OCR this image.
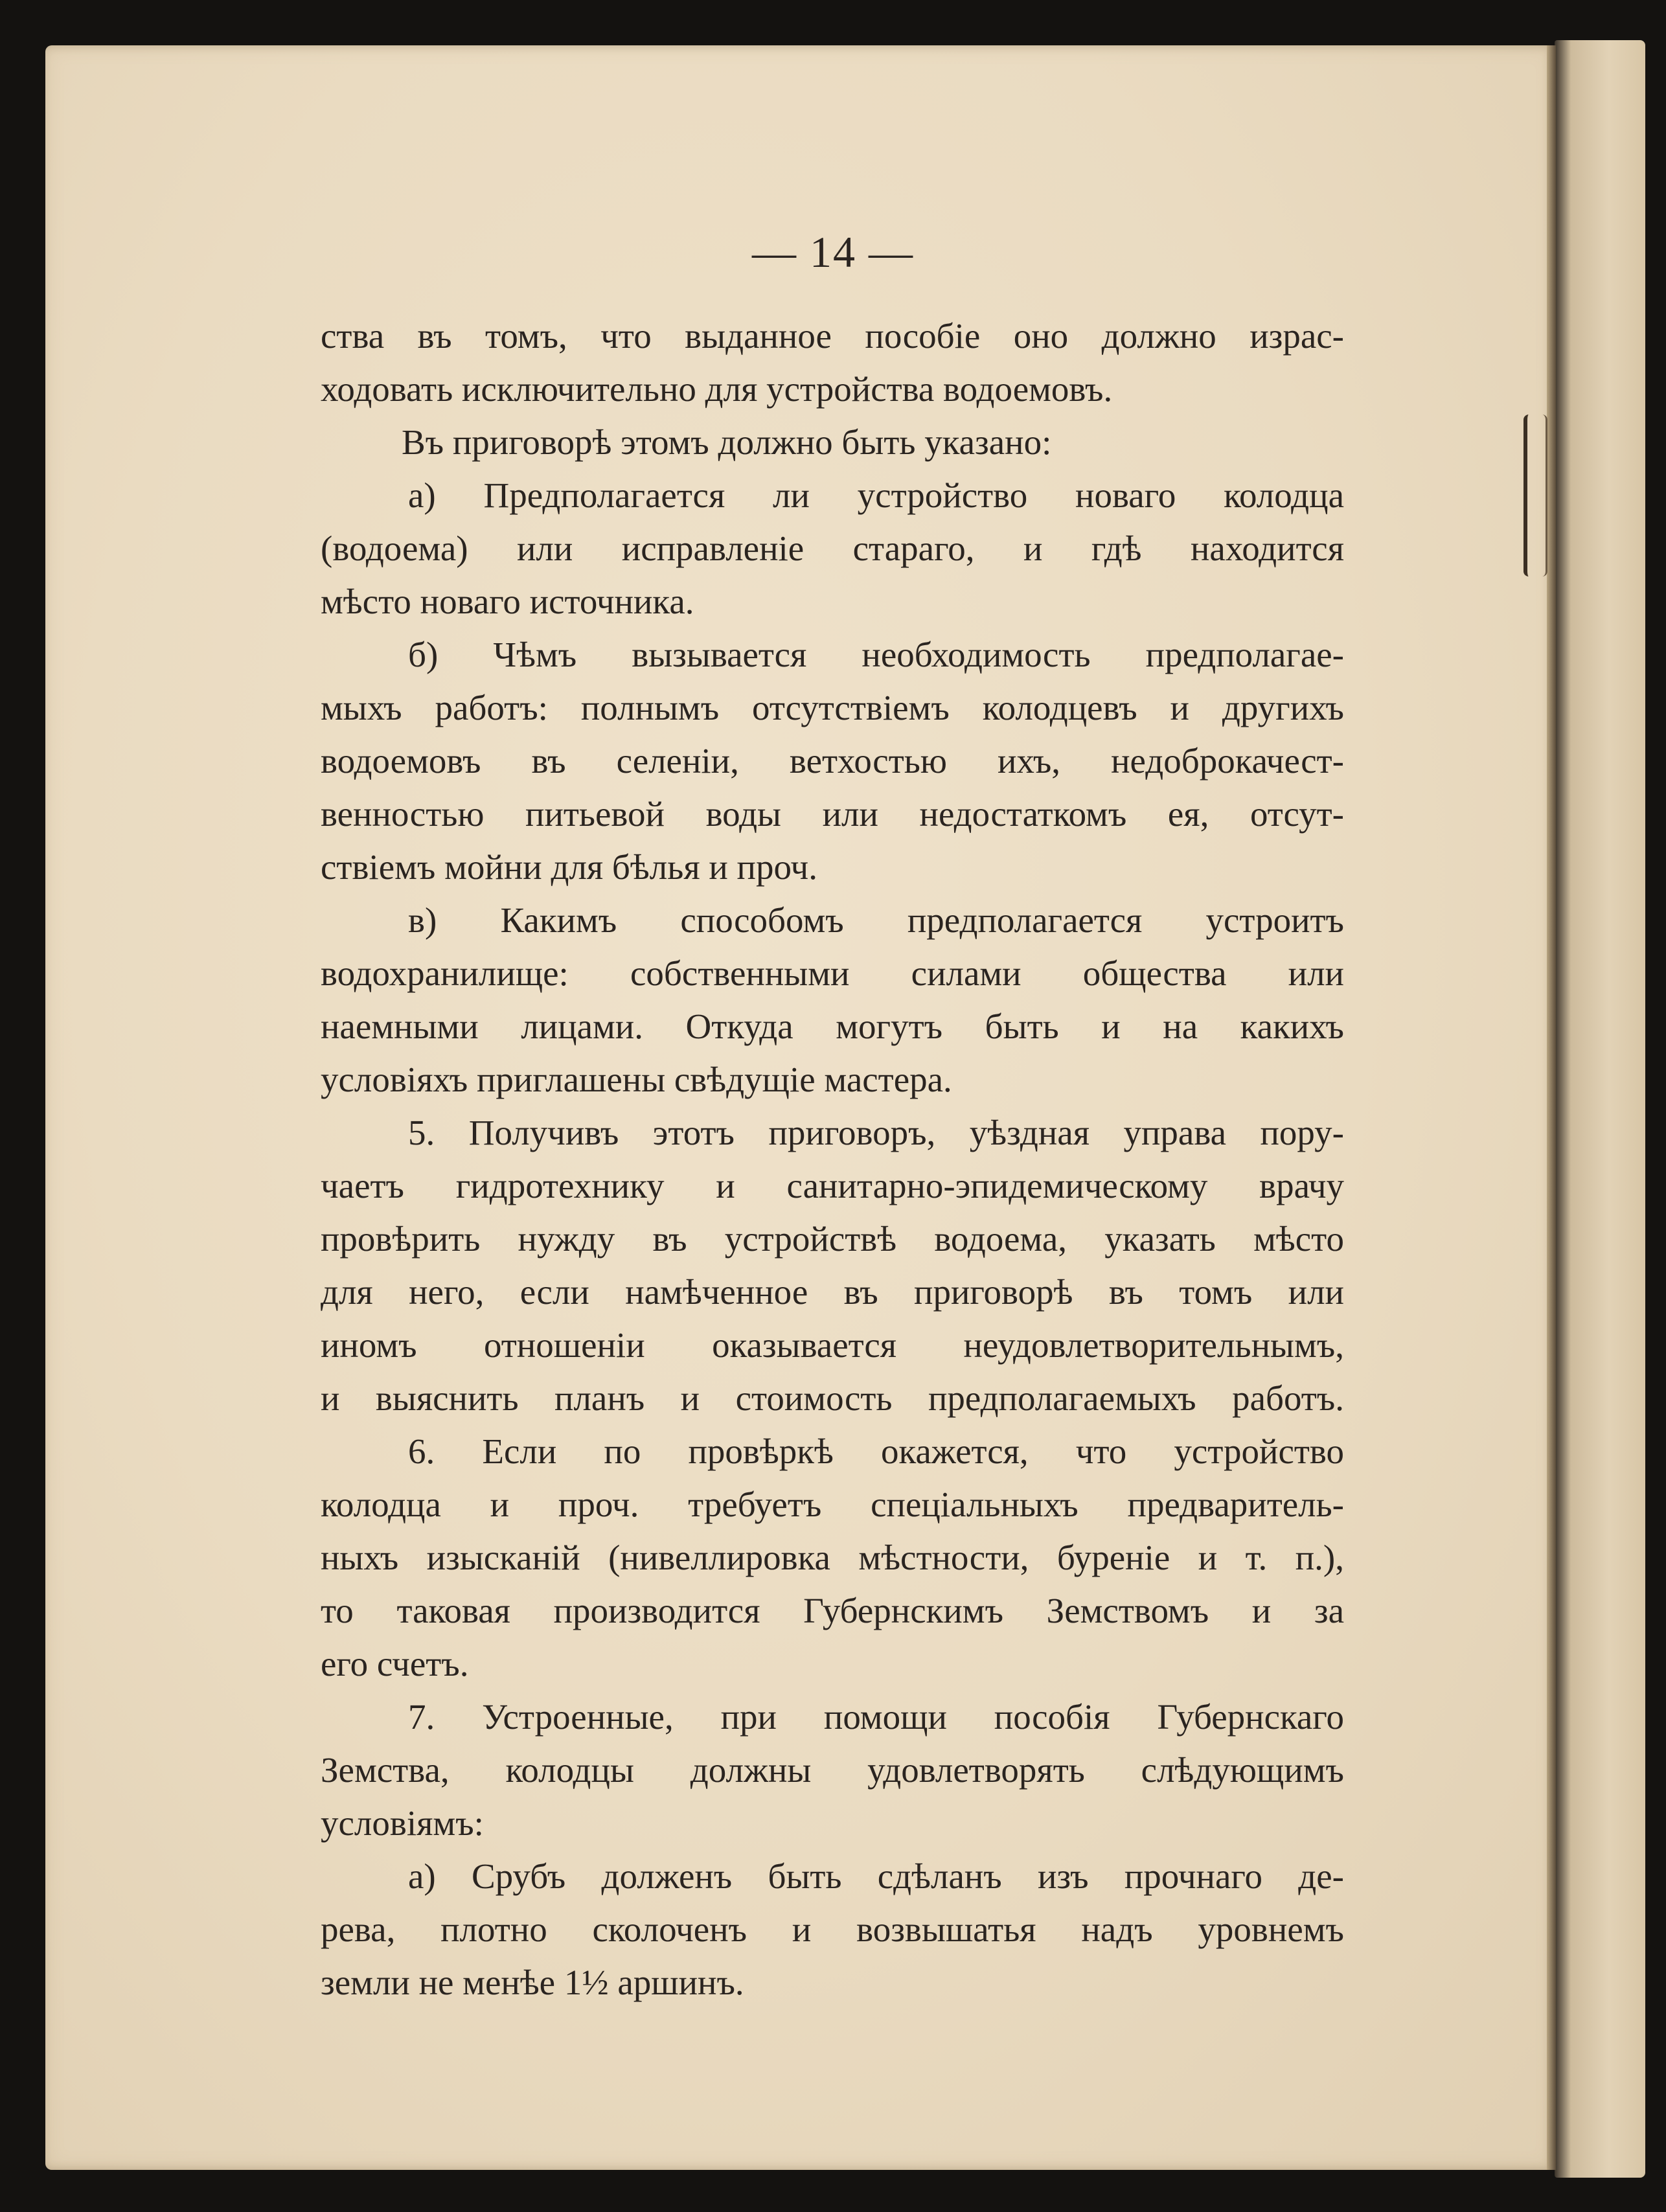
— 14 —
ства въ томъ, что выданное пособіе оно должно израс-
ходовать исключительно для устройства водоемовъ.
Въ приговорѣ этомъ должно быть указано:
а) Предполагается ли устройство новаго колодца
(водоема) или исправленіе стараго, и гдѣ находится
мѣсто новаго источника.
б) Чѣмъ вызывается необходимость предполагае-
мыхъ работъ: полнымъ отсутствіемъ колодцевъ и другихъ
водоемовъ въ селеніи, ветхостью ихъ, недоброкачест-
венностью питьевой воды или недостаткомъ ея, отсут-
ствіемъ мойни для бѣлья и проч.
в) Какимъ способомъ предполагается устроитъ
водохранилище: собственными силами общества или
наемными лицами. Откуда могутъ быть и на какихъ
условіяхъ приглашены свѣдущіе мастера.
5. Получивъ этотъ приговоръ, уѣздная управа пору-
чаетъ гидротехнику и санитарно-эпидемическому врачу
провѣрить нужду въ устройствѣ водоема, указать мѣсто
для него, если намѣченное въ приговорѣ въ томъ или
иномъ отношеніи оказывается неудовлетворительнымъ,
и выяснить планъ и стоимость предполагаемыхъ работъ.
6. Если по провѣркѣ окажется, что устройство
колодца и проч. требуетъ спеціальныхъ предваритель-
ныхъ изысканій (нивеллировка мѣстности, буреніе и т. п.),
то таковая производится Губернскимъ Земствомъ и за
его счетъ.
7. Устроенные, при помощи пособія Губернскаго
Земства, колодцы должны удовлетворять слѣдующимъ
условіямъ:
а) Срубъ долженъ быть сдѣланъ изъ прочнаго де-
рева, плотно сколоченъ и возвышатья надъ уровнемъ
земли не менѣе 1½ аршинъ.
